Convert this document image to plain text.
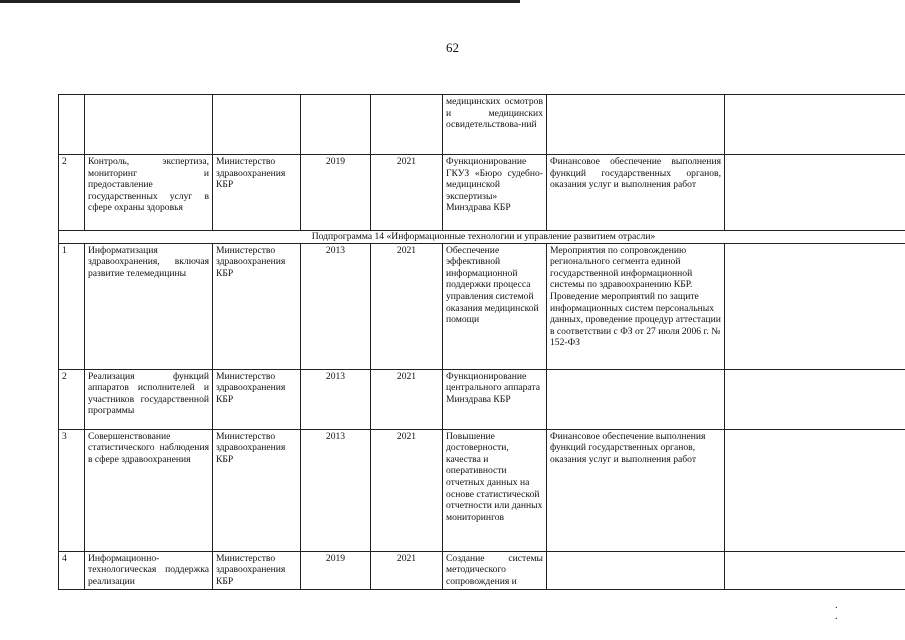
62
					медицинских осмотров и медицинских освидетельствова-ний		
2	Контроль, экспертиза, мониторинг и предоставление государственных услуг в сфере охраны здоровья	Министерство здравоохранения КБР	2019	2021	Функционирование ГКУЗ «Бюро судебно-медицинской экспертизы» Минздрава КБР	Финансовое обеспечение выполнения функций государственных органов, оказания услуг и выполнения работ	
Подпрограмма 14 «Информационные технологии и управление развитием отрасли»							
1	Информатизация здравоохранения, включая развитие телемедицины	Министерство здравоохранения КБР	2013	2021	Обеспечение эффективной информационной поддержки процесса управления системой оказания медицинской помощи	Мероприятия по сопровождению регионального сегмента единой государственной информационной системы по здравоохранению КБР. Проведение мероприятий по защите информационных систем персональных данных, проведение процедур аттестации в соответствии с ФЗ от 27 июля 2006 г. № 152-ФЗ	
2	Реализация функций аппаратов исполнителей и участников государственной программы	Министерство здравоохранения КБР	2013	2021	Функционирование центрального аппарата Минздрава КБР		
3	Совершенствование статистического наблюдения в сфере здравоохранения	Министерство здравоохранения КБР	2013	2021	Повышение достоверности, качества и оперативности отчетных данных на основе статистической отчетности или данных мониторингов	Финансовое обеспечение выполнения функций государственных органов, оказания услуг и выполнения работ	
4	Информационно-технологическая поддержка реализации	Министерство здравоохранения КБР	2019	2021	Создание системы методического сопровождения и		
. .
